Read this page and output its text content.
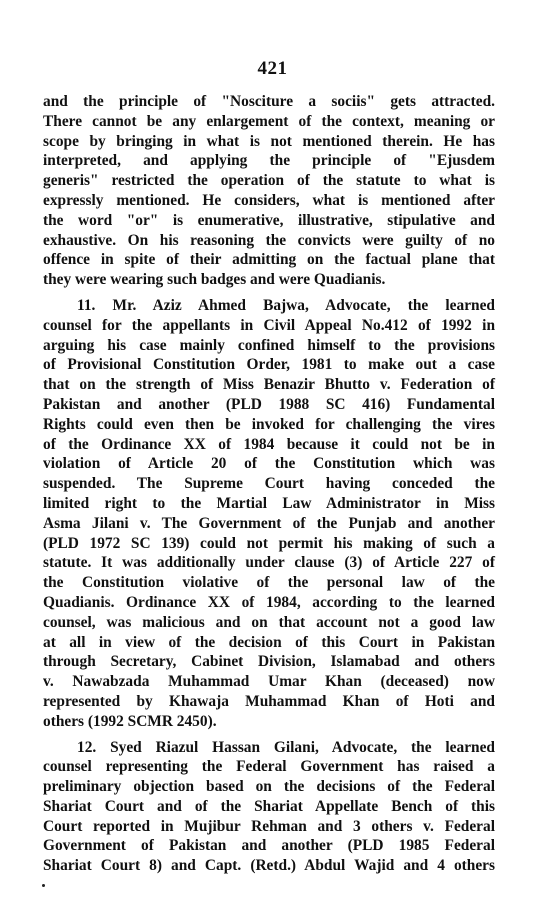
421
and the principle of "Nosciture a sociis" gets attracted.
There cannot be any enlargement of the context, meaning or
scope by bringing in what is not mentioned therein. He has
interpreted, and applying the principle of "Ejusdem
generis" restricted the operation of the statute to what is
expressly mentioned. He considers, what is mentioned after
the word "or" is enumerative, illustrative, stipulative and
exhaustive. On his reasoning the convicts were guilty of no
offence in spite of their admitting on the factual plane that
they were wearing such badges and were Quadianis.
11. Mr. Aziz Ahmed Bajwa, Advocate, the learned
counsel for the appellants in Civil Appeal No.412 of 1992 in
arguing his case mainly confined himself to the provisions
of Provisional Constitution Order, 1981 to make out a case
that on the strength of Miss Benazir Bhutto v. Federation of
Pakistan and another (PLD 1988 SC 416) Fundamental
Rights could even then be invoked for challenging the vires
of the Ordinance XX of 1984 because it could not be in
violation of Article 20 of the Constitution which was
suspended. The Supreme Court having conceded the
limited right to the Martial Law Administrator in Miss
Asma Jilani v. The Government of the Punjab and another
(PLD 1972 SC 139) could not permit his making of such a
statute. It was additionally under clause (3) of Article 227 of
the Constitution violative of the personal law of the
Quadianis. Ordinance XX of 1984, according to the learned
counsel, was malicious and on that account not a good law
at all in view of the decision of this Court in Pakistan
through Secretary, Cabinet Division, Islamabad and others
v. Nawabzada Muhammad Umar Khan (deceased) now
represented by Khawaja Muhammad Khan of Hoti and
others (1992 SCMR 2450).
12. Syed Riazul Hassan Gilani, Advocate, the learned
counsel representing the Federal Government has raised a
preliminary objection based on the decisions of the Federal
Shariat Court and of the Shariat Appellate Bench of this
Court reported in Mujibur Rehman and 3 others v. Federal
Government of Pakistan and another (PLD 1985 Federal
Shariat Court 8) and Capt. (Retd.) Abdul Wajid and 4 others
